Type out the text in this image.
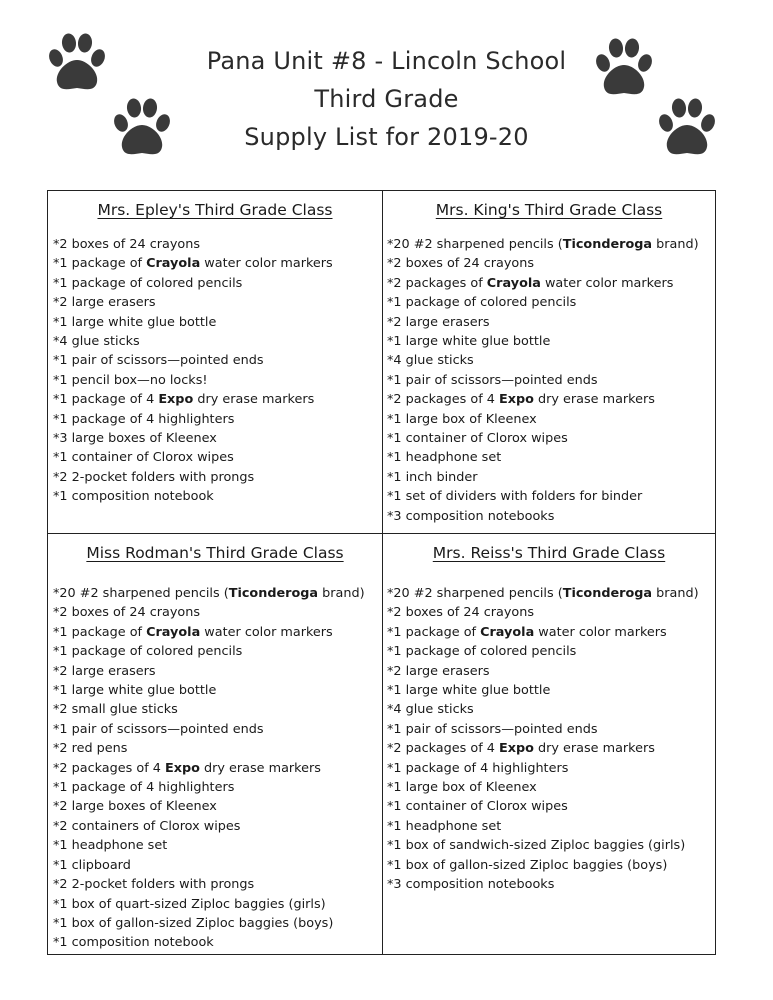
Pana Unit #8 - Lincoln School
Third Grade
Supply List for 2019-20
Mrs. Epley's Third Grade Class
*2 boxes of 24 crayons
*1 package of Crayola water color markers
*1 package of colored pencils
*2 large erasers
*1 large white glue bottle
*4 glue sticks
*1 pair of scissors—pointed ends
*1 pencil box—no locks!
*1 package of 4 Expo dry erase markers
*1 package of 4 highlighters
*3 large boxes of Kleenex
*1 container of Clorox wipes
*2 2-pocket folders with prongs
*1 composition notebook
Mrs. King's Third Grade Class
*20 #2 sharpened pencils (Ticonderoga brand)
*2 boxes of 24 crayons
*2 packages of Crayola water color markers
*1 package of colored pencils
*2 large erasers
*1 large white glue bottle
*4 glue sticks
*1 pair of scissors—pointed ends
*2 packages of 4 Expo dry erase markers
*1 large box of Kleenex
*1 container of Clorox wipes
*1 headphone set
*1 inch binder
*1 set of dividers with folders for binder
*3 composition notebooks
Miss Rodman's Third Grade Class
*20 #2 sharpened pencils (Ticonderoga brand)
*2 boxes of 24 crayons
*1 package of Crayola water color markers
*1 package of colored pencils
*2 large erasers
*1 large white glue bottle
*2 small glue sticks
*1 pair of scissors—pointed ends
*2 red pens
*2 packages of 4 Expo dry erase markers
*1 package of 4 highlighters
*2 large boxes of Kleenex
*2 containers of Clorox wipes
*1 headphone set
*1 clipboard
*2 2-pocket folders with prongs
*1 box of quart-sized Ziploc baggies (girls)
*1 box of gallon-sized Ziploc baggies (boys)
*1 composition notebook
Mrs. Reiss's Third Grade Class
*20 #2 sharpened pencils (Ticonderoga brand)
*2 boxes of 24 crayons
*1 package of Crayola water color markers
*1 package of colored pencils
*2 large erasers
*1 large white glue bottle
*4 glue sticks
*1 pair of scissors—pointed ends
*2 packages of 4 Expo dry erase markers
*1 package of 4 highlighters
*1 large box of Kleenex
*1 container of Clorox wipes
*1 headphone set
*1 box of sandwich-sized Ziploc baggies (girls)
*1 box of gallon-sized Ziploc baggies (boys)
*3 composition notebooks
